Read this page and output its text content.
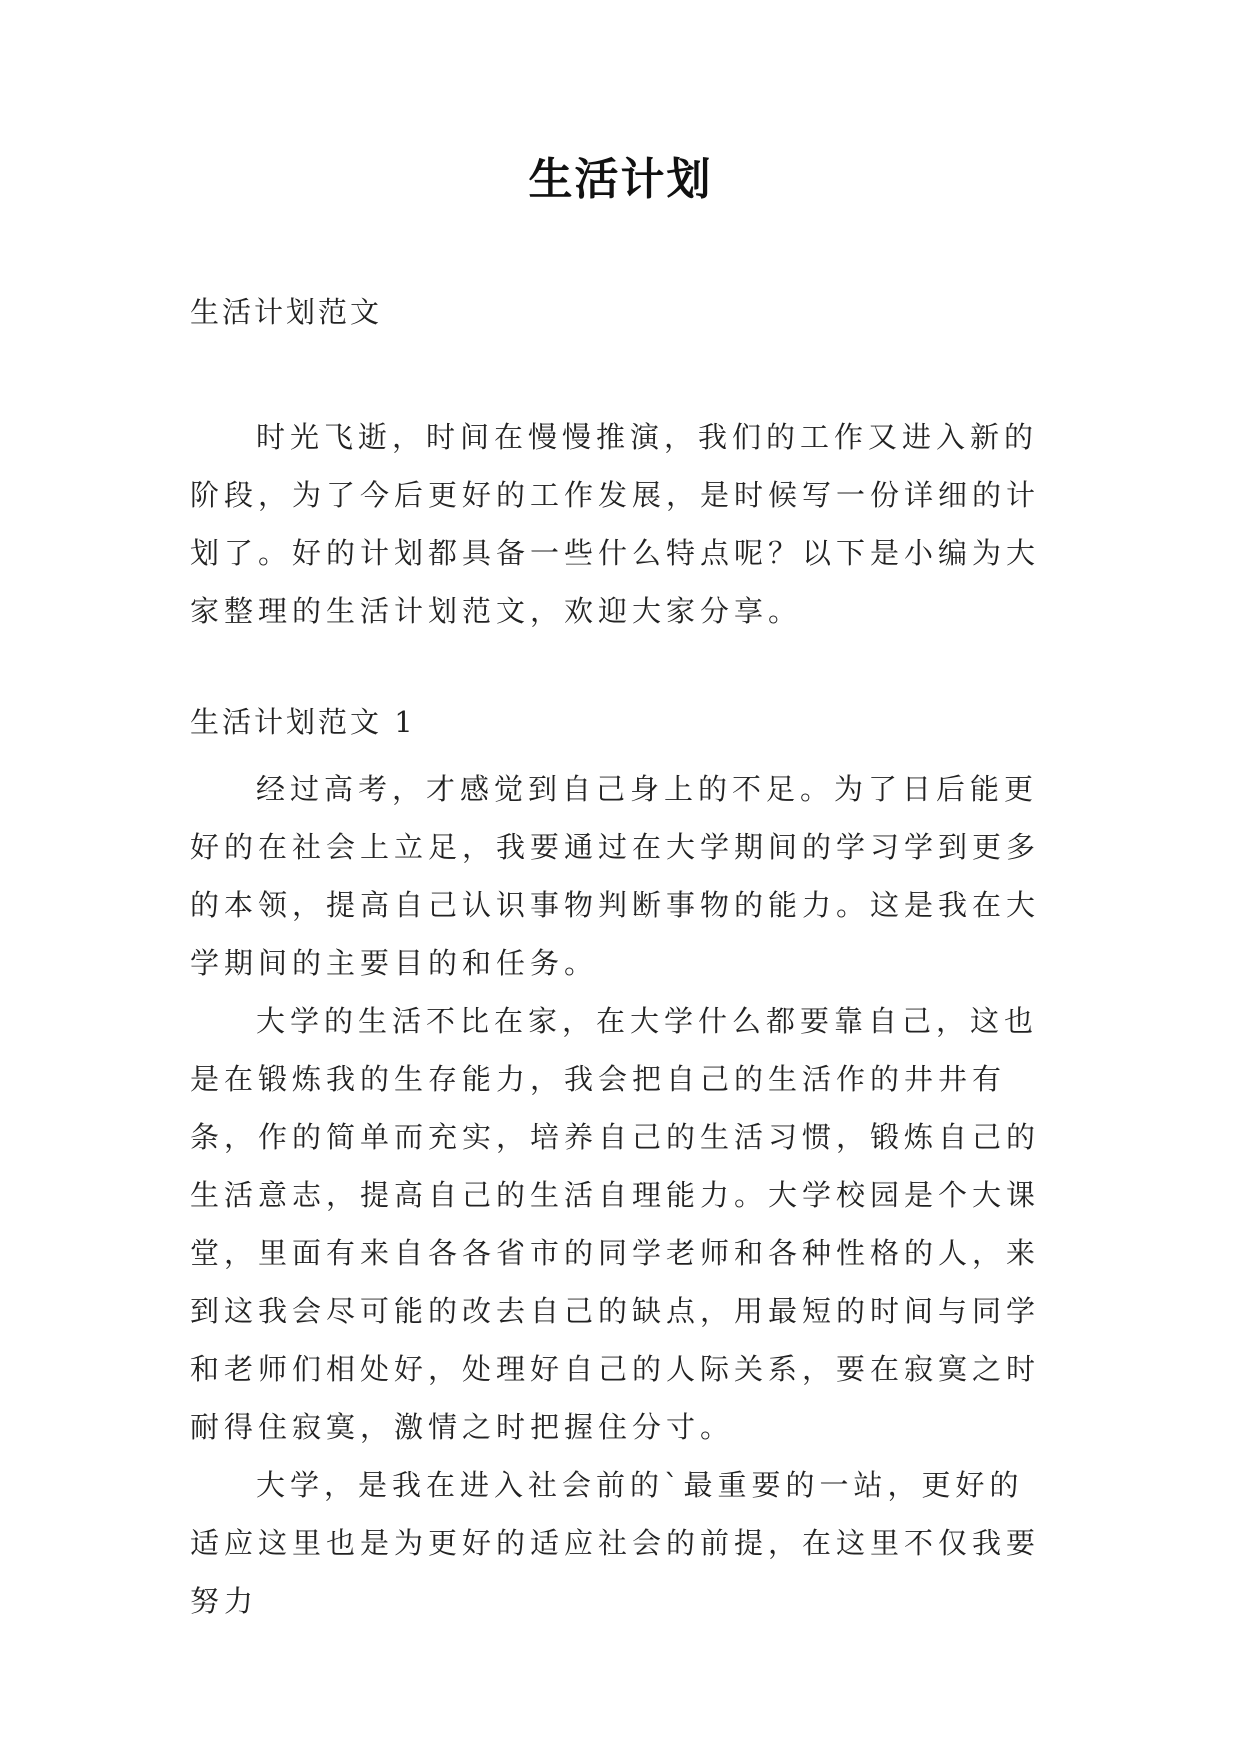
生活计划
生活计划范文

时光飞逝，时间在慢慢推演，我们的工作又进入新的阶段，为了今后更好的工作发展，是时候写一份详细的计划了。好的计划都具备一些什么特点呢？以下是小编为大家整理的生活计划范文，欢迎大家分享。

生活计划范文 1

经过高考，才感觉到自己身上的不足。为了日后能更好的在社会上立足，我要通过在大学期间的学习学到更多的本领，提高自己认识事物判断事物的能力。这是我在大学期间的主要目的和任务。

大学的生活不比在家，在大学什么都要靠自己，这也是在锻炼我的生存能力，我会把自己的生活作的井井有条，作的简单而充实，培养自己的生活习惯，锻炼自己的生活意志，提高自己的生活自理能力。大学校园是个大课堂，里面有来自各各省市的同学老师和各种性格的人，来到这我会尽可能的改去自己的缺点，用最短的时间与同学和老师们相处好，处理好自己的人际关系，要在寂寞之时耐得住寂寞，激情之时把握住分寸。

大学，是我在进入社会前的`最重要的一站，更好的适应这里也是为更好的适应社会的前提，在这里不仅我要努力
